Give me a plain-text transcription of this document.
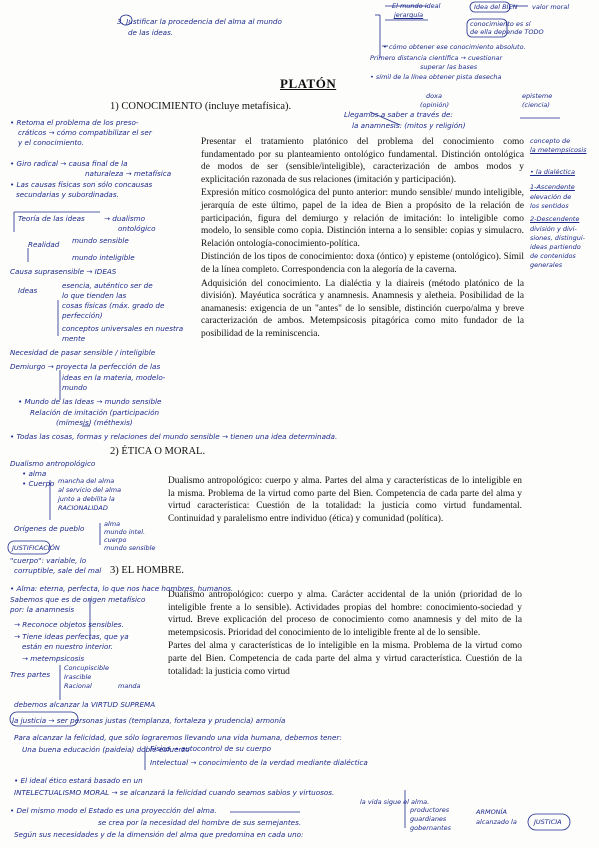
3. Justificar la procedencia del alma al mundo
de las ideas.
El mundo ideal
jerarquía
Idea del BIEN valor moral
conocimiento es sí
de ella depende TODO
• cómo obtener ese conocimiento absoluto.
Primero distancia científica → cuestionar
superar las bases
• símil de la línea obtener pista desecha
PLATÓN
doxa
(opinión)
episteme
(ciencia)
Llegamos a saber a través de:
la anamnesis: (mitos y religión)
1) CONOCIMIENTO (incluye metafísica).

Presentar el tratamiento platónico del problema del conocimiento como fundamentado por su planteamiento ontológico fundamental. Distinción ontológica de modos de ser (sensible/inteligible), caracterización de ambos modos y explicitación razonada de sus relaciones (imitación y participación).

Expresión mítico cosmológica del punto anterior: mundo sensible/ mundo inteligible, jerarquía de este último, papel de la idea de Bien a propósito de la relación de participación, figura del demiurgo y relación de imitación: lo inteligible como modelo, lo sensible como copia. Distinción interna a lo sensible: copias y simulacro. Relación ontología-conocimiento-política.

Distinción de los tipos de conocimiento: doxa (óntico) y episteme (ontológico). Símil de la línea completo. Correspondencia con la alegoría de la caverna.

Adquisición del conocimiento. La dialéctia y la diaireis (método platónico de la división). Mayéutica socrática y anamnesis. Anamnesis y aletheia. Posibilidad de la anamanesis: exigencia de un "antes" de lo sensible, distinción cuerpo/alma y breve caracterización de ambos. Metempsicosis pitagórica como mito fundador de la posibilidad de la reminiscencia.

concepto de
la metempsicosis
• la dialéctica
1-Ascendente
elevación de
los sentidos
2-Descendente
división y divi-
siones, distingui-
ideas partiendo
de contenidos
generales
• Retoma el problema de los preso-
cráticos → cómo compatibilizar el ser
y el conocimiento.
• Giro radical → causa final de la
naturaleza → metafísica
• Las causas físicas son sólo concausas
secundarias y subordinadas.
Teoría de las ideas	→ dualismo
ontológico
Realidad mundo sensible
mundo inteligible
Causa suprasensible → IDEAS
Ideas
esencia, auténtico ser de
lo que tienden las
cosas físicas (máx. grado de
perfección)
conceptos universales en nuestra
mente
Necesidad de pasar sensible / inteligible
Demiurgo → proyecta la perfección de las
ideas en la materia, modelo-
mundo
• Mundo de las Ideas → mundo sensible
Relación de imitación (participación
(mímesis) (méthexis)
• Todas las cosas, formas y relaciones del mundo sensible → tienen una idea determinada.
2) ÉTICA O MORAL.

Dualismo antropológico: cuerpo y alma. Partes del alma y características de lo inteligible en la misma. Problema de la virtud como parte del Bien. Competencia de cada parte del alma y virtud característica: Cuestión de la totalidad: la justicia como virtud fundamental. Continuidad y paralelismo entre individuo (ética) y comunidad (política).

Dualismo antropológico
• alma
• Cuerpo mancha del alma
al servicio del alma
junto a debilita la
RACIONALIDAD
Orígenes de pueblo	alma
mundo intel.
cuerpo
mundo sensible
JUSTIFICACIÓN
3) EL HOMBRE.

Dualismo antropológico: cuerpo y alma. Carácter accidental de la unión (prioridad de lo inteligible frente a lo sensible). Actividades propias del hombre: conocimiento-sociedad y virtud. Breve explicación del proceso de conocimiento como anamnesis y del mito de la metempsicosis. Prioridad del conocimiento de lo inteligible frente al de lo sensible.

Partes del alma y características de lo inteligible en la misma. Problema de la virtud como parte del Bien. Competencia de cada parte del alma y virtud característica. Cuestión de la totalidad: la justicia como virtud

"cuerpo": variable, lo
corruptible, sale del mal
• Alma: eterna, perfecta, lo que nos hace hombres, humanos.
Sabemos que es de origen metafísico
por: la anamnesis
→ Reconoce objetos sensibles.
→ Tiene ideas perfectas, que ya
están en nuestro interior.
→ metempsicosis
Tres partes
Concupiscible
Irascible
Racional	manda
debemos alcanzar la VIRTUD SUPREMA
la justicia → ser personas justas (templanza, fortaleza y prudencia) armonía
Para alcanzar la felicidad, que sólo lograremos llevando una vida humana, debemos tener:
Una buena educación (paideia) doble esfuerzo
Físico → autocontrol de su cuerpo
Intelectual → conocimiento de la verdad mediante dialéctica
• El ideal ético estará basado en un
INTELECTUALISMO MORAL → se alcanzará la felicidad cuando seamos sabios y virtuosos.
la vida sigue el alma.
• Del mismo modo el Estado es una proyección del alma.
se crea por la necesidad del hombre de sus semejantes.
Según sus necesidades y de la dimensión del alma que predomina en cada uno:
productores
guardianes
gobernantes
ARMONÍA
alcanzado la	JUSTICIA
